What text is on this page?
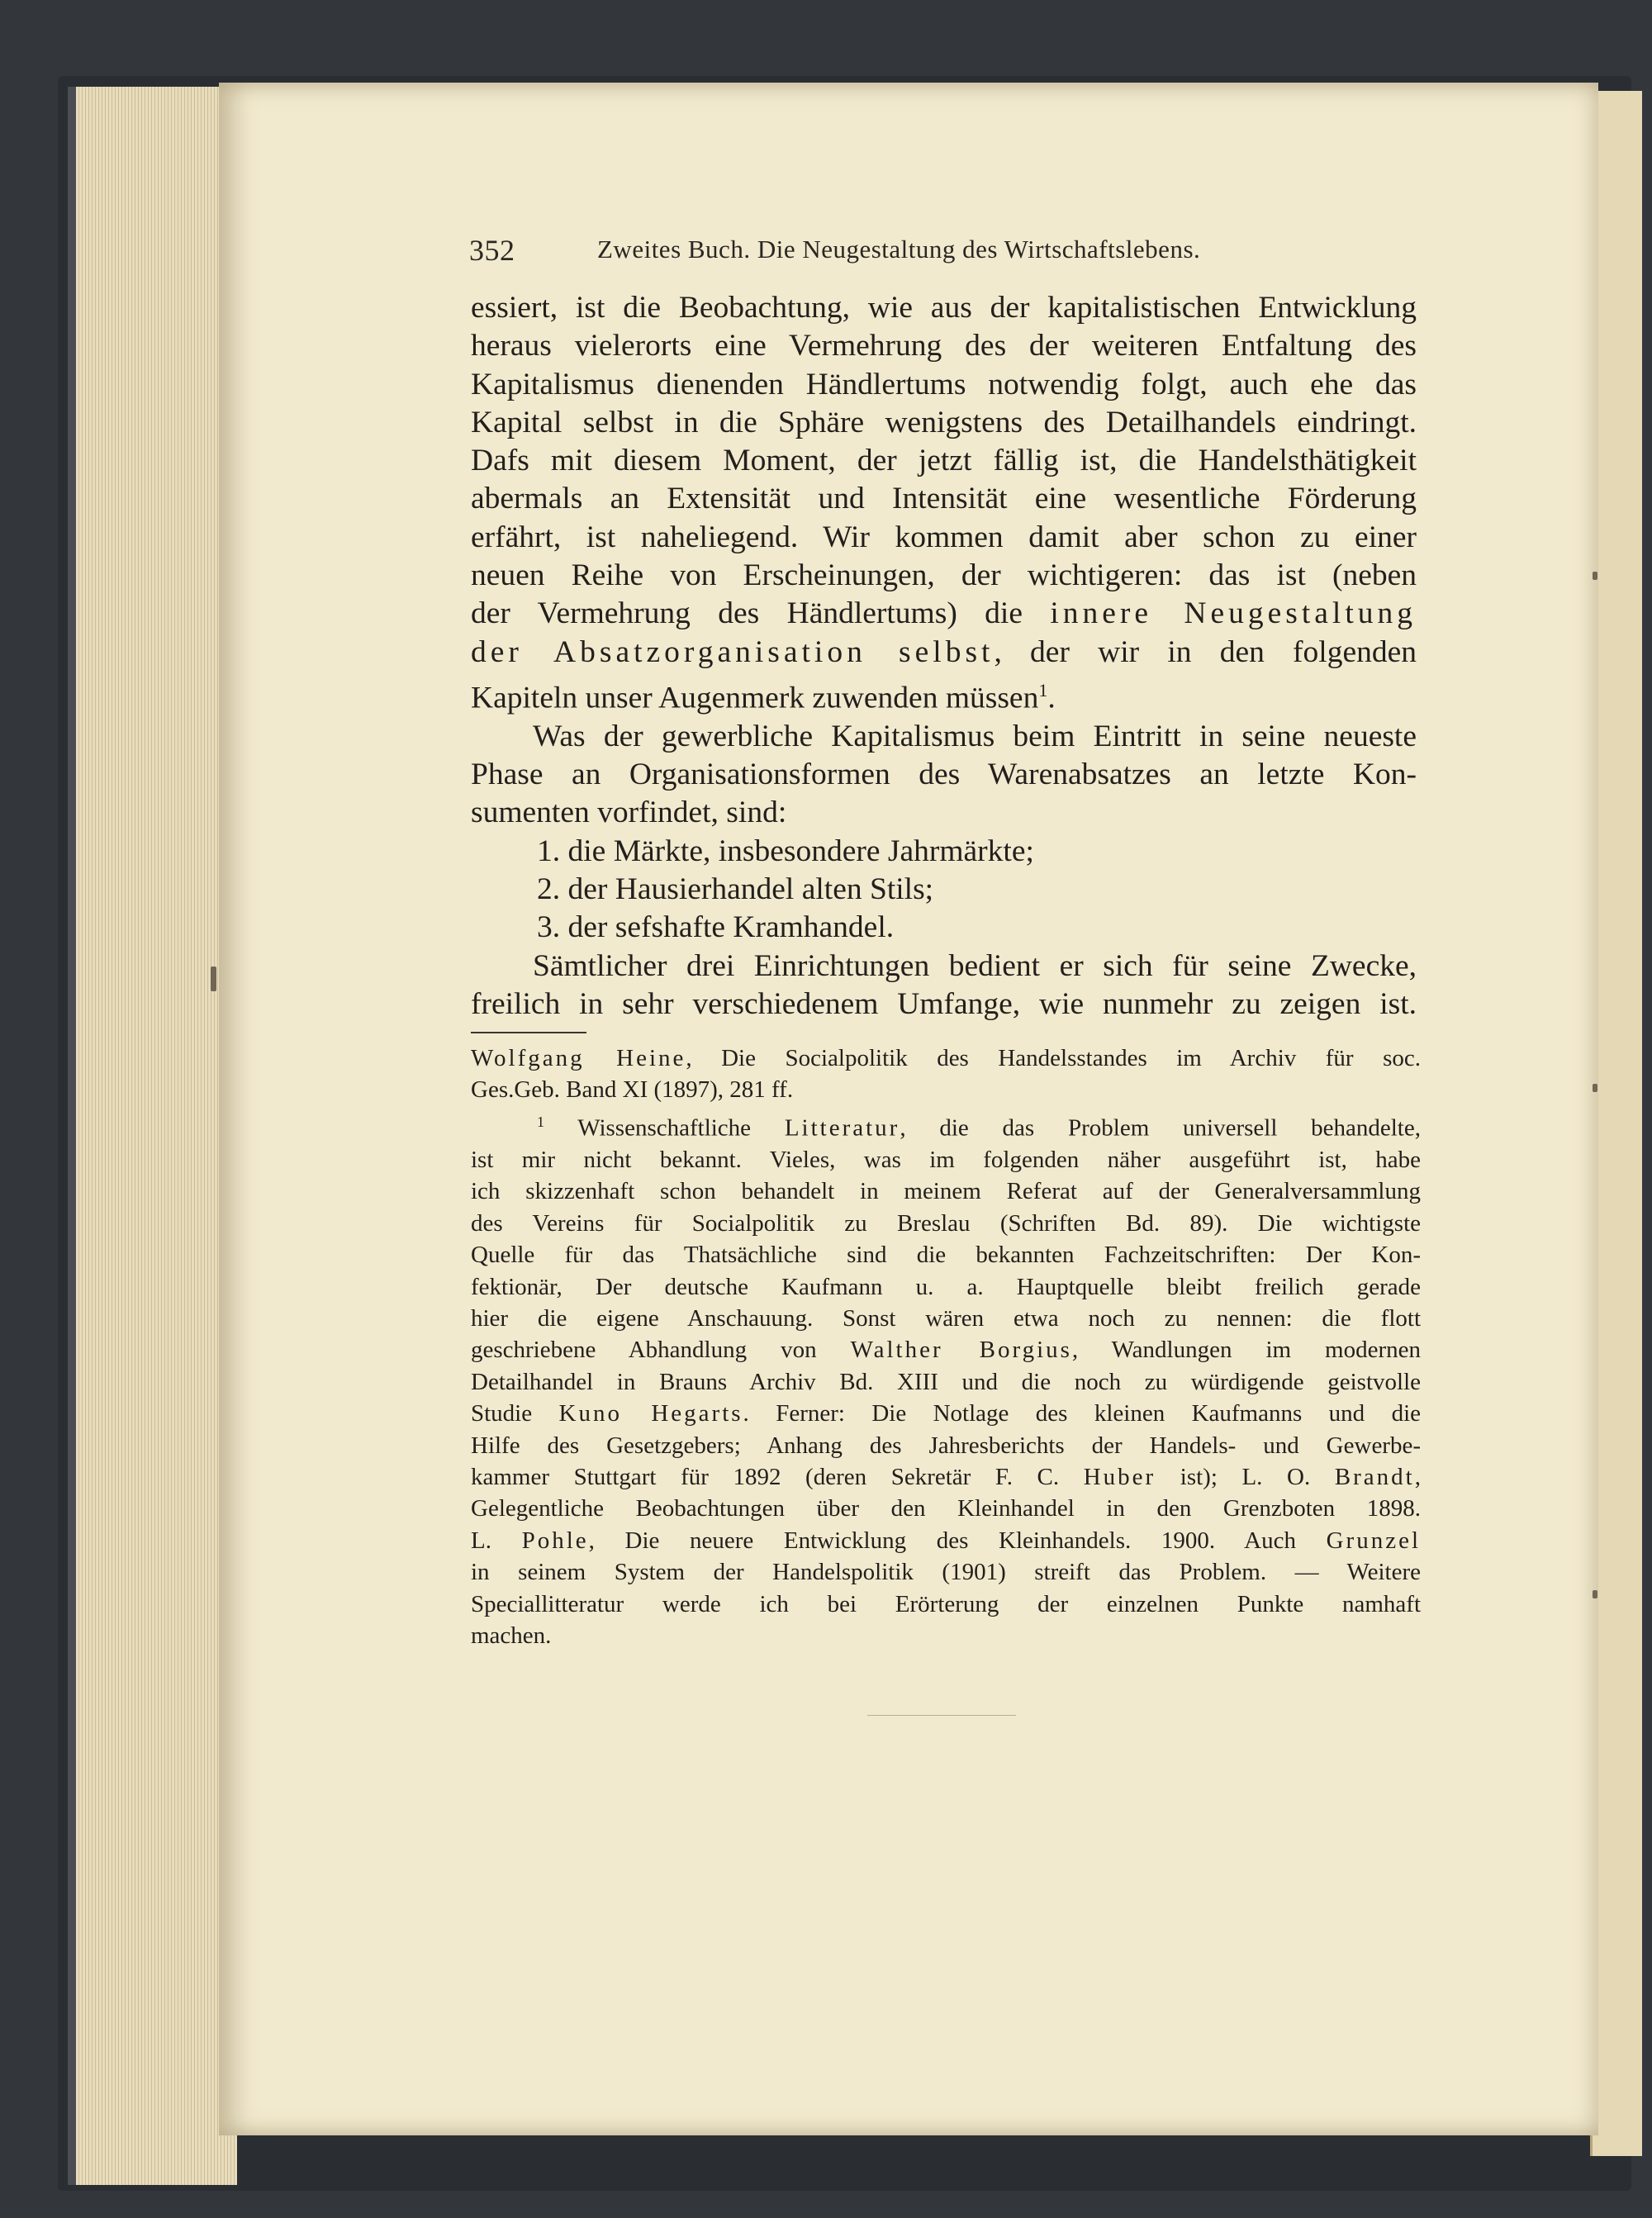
352	Zweites Buch. Die Neugestaltung des Wirtschaftslebens.

essiert, ist die Beobachtung, wie aus der kapitalistischen Entwicklung
heraus vielerorts eine Vermehrung des der weiteren Entfaltung des
Kapitalismus dienenden Händlertums notwendig folgt, auch ehe das
Kapital selbst in die Sphäre wenigstens des Detailhandels eindringt.
Dafs mit diesem Moment, der jetzt fällig ist, die Handelsthätigkeit
abermals an Extensität und Intensität eine wesentliche Förderung
erfährt, ist naheliegend. Wir kommen damit aber schon zu einer
neuen Reihe von Erscheinungen, der wichtigeren: das ist (neben
der Vermehrung des Händlertums) die innere Neugestaltung
der Absatzorganisation selbst, der wir in den folgenden
Kapiteln unser Augenmerk zuwenden müssen$^1$.

Was der gewerbliche Kapitalismus beim Eintritt in seine neueste
Phase an Organisationsformen des Warenabsatzes an letzte Kon-
sumenten vorfindet, sind:

1. die Märkte, insbesondere Jahrmärkte;
2. der Hausierhandel alten Stils;
3. der sefshafte Kramhandel.

Sämtlicher drei Einrichtungen bedient er sich für seine Zwecke,
freilich in sehr verschiedenem Umfange, wie nunmehr zu zeigen ist.

Wolfgang Heine, Die Socialpolitik des Handelsstandes im Archiv für soc.
Ges.Geb. Band XI (1897), 281 ff.
$^1$ Wissenschaftliche Litteratur, die das Problem universell behandelte,
ist mir nicht bekannt. Vieles, was im folgenden näher ausgeführt ist, habe
ich skizzenhaft schon behandelt in meinem Referat auf der Generalversammlung
des Vereins für Socialpolitik zu Breslau (Schriften Bd. 89). Die wichtigste
Quelle für das Thatsächliche sind die bekannten Fachzeitschriften: Der Kon-
fektionär, Der deutsche Kaufmann u. a. Hauptquelle bleibt freilich gerade
hier die eigene Anschauung. Sonst wären etwa noch zu nennen: die flott
geschriebene Abhandlung von Walther Borgius, Wandlungen im modernen
Detailhandel in Brauns Archiv Bd. XIII und die noch zu würdigende geistvolle
Studie Kuno Hegarts. Ferner: Die Notlage des kleinen Kaufmanns und die
Hilfe des Gesetzgebers; Anhang des Jahresberichts der Handels- und Gewerbe-
kammer Stuttgart für 1892 (deren Sekretär F. C. Huber ist); L. O. Brandt,
Gelegentliche Beobachtungen über den Kleinhandel in den Grenzboten 1898.
L. Pohle, Die neuere Entwicklung des Kleinhandels. 1900. Auch Grunzel
in seinem System der Handelspolitik (1901) streift das Problem. — Weitere
Speciallitteratur werde ich bei Erörterung der einzelnen Punkte namhaft
machen.
